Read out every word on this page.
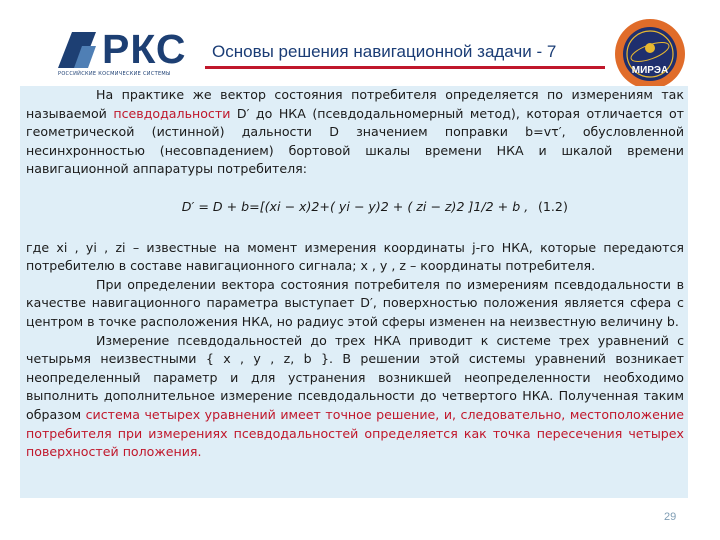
РКС
РОССИЙСКИЕ КОСМИЧЕСКИЕ СИСТЕМЫ
Основы решения навигационной задачи - 7
МИРЭА

На практике же вектор состояния потребителя определяется по измерениям так называемой псевдодальности D′ до НКА (псевдодальномерный метод), которая отличается от геометрической (истинной) дальности D значением поправки b=vτ′, обусловленной несинхронностью (несовпадением) бортовой шкалы времени НКА и шкалой времени навигационной аппаратуры потребителя:

D′ = D + b=[(xi − x)2+( yi − y)2 + ( zi − z)2 ]1/2 + b , (1.2)

где xi , yi , zi – известные на момент измерения координаты j-го НКА, которые передаются потребителю в составе навигационного сигнала; x , y , z – координаты потребителя.

При определении вектора состояния потребителя по измерениям псевдодальности в качестве навигационного параметра выступает D′, поверхностью положения является сфера с центром в точке расположения НКА, но радиус этой сферы изменен на неизвестную величину b.

Измерение псевдодальностей до трех НКА приводит к системе трех уравнений с четырьмя неизвестными { x , y , z, b }. В решении этой системы уравнений возникает неопределенный параметр и для устранения возникшей неопределенности необходимо выполнить дополнительное измерение псевдодальности до четвертого НКА. Полученная таким образом система четырех уравнений имеет точное решение, и, следовательно, местоположение потребителя при измерениях псевдодальностей определяется как точка пересечения четырех поверхностей положения.

29
